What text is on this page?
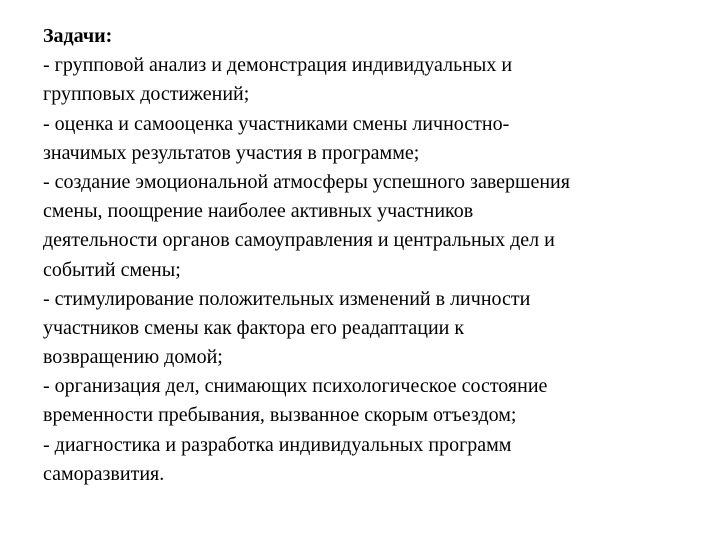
Задачи:
- групповой анализ и демонстрация индивидуальных и
групповых достижений;
- оценка и самооценка участниками смены личностно-
значимых результатов участия в программе;
- создание эмоциональной атмосферы успешного завершения
смены, поощрение наиболее активных участников
деятельности органов самоуправления и центральных дел и
событий смены;
- стимулирование положительных изменений в личности
участников смены как фактора его реадаптации к
возвращению домой;
- организация дел, снимающих психологическое состояние
временности пребывания, вызванное скорым отъездом;
- диагностика и разработка индивидуальных программ
саморазвития.
